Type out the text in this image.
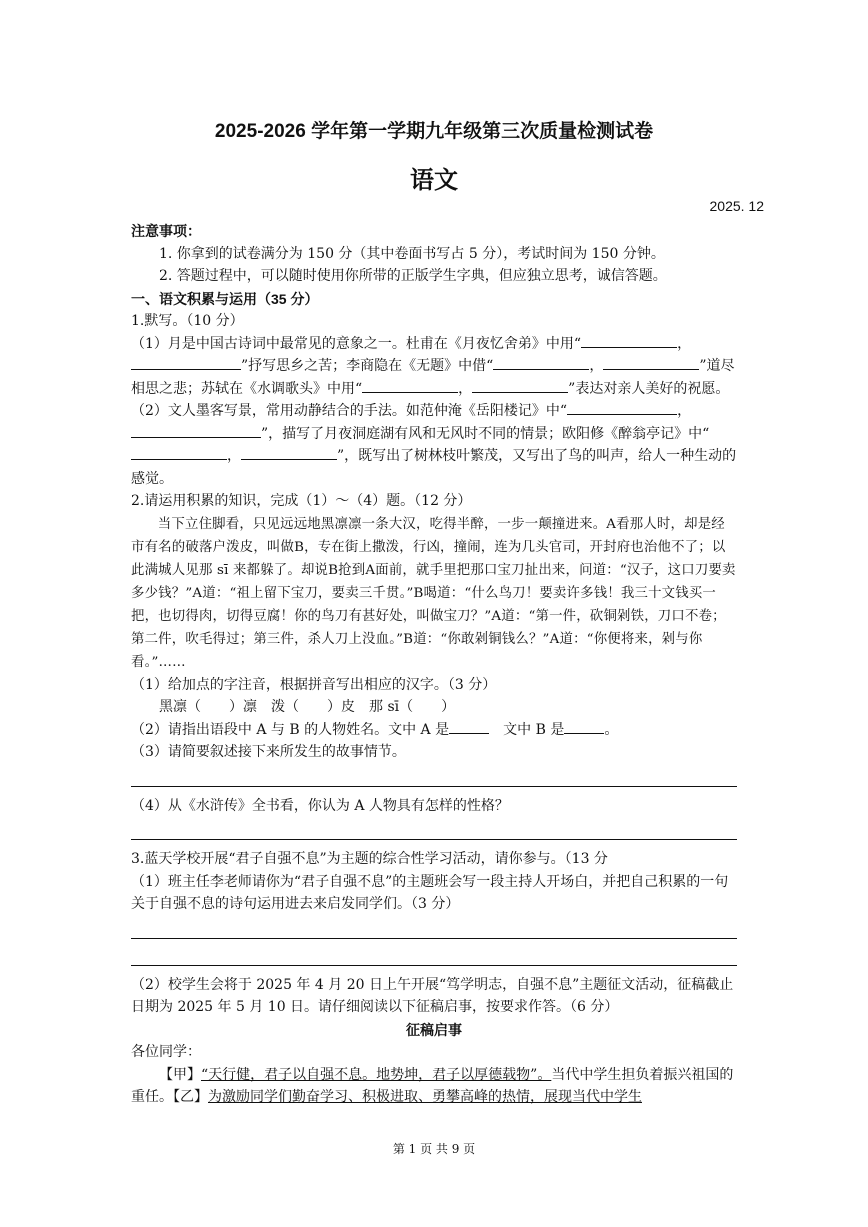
2025-2026 学年第一学期九年级第三次质量检测试卷
语文
2025. 12

注意事项：

1. 你拿到的试卷满分为 150 分（其中卷面书写占 5 分），考试时间为 150 分钟。

2. 答题过程中，可以随时使用你所带的正版学生字典，但应独立思考，诚信答题。

一、语文积累与运用（35 分）

1.默写。（10 分）

（1）月是中国古诗词中最常见的意象之一。杜甫在《月夜忆舍弟》中用“	，”抒写思乡之苦；李商隐在《无题》中借“	，	”道尽相思之悲；苏轼在《水调歌头》中用“	，	”表达对亲人美好的祝愿。

（2）文人墨客写景，常用动静结合的手法。如范仲淹《岳阳楼记》中“	，”，描写了月夜洞庭湖有风和无风时不同的情景；欧阳修《醉翁亭记》中“，	”，既写出了树林枝叶繁茂，又写出了鸟的叫声，给人一种生动的感觉。

2.请运用积累的知识，完成（1）～（4）题。（12 分）

当下立住脚看，只见远远地黑凛凛一条大汉，吃得半醉，一步一颠撞进来。A看那人时，却是经市有名的破落户泼皮，叫做B，专在街上撒泼，行凶，撞闹，连为几头官司，开封府也治他不了；以此满城人见那 sī 来都躲了。却说B抢到A面前，就手里把那口宝刀扯出来，问道：“汉子，这口刀要卖多少钱？”A道：“祖上留下宝刀，要卖三千贯。”B喝道：“什么鸟刀！要卖许多钱！我三十文钱买一把，也切得肉，切得豆腐！你的鸟刀有甚好处，叫做宝刀？”A道：“第一件，砍铜剁铁，刀口不卷；第二件，吹毛得过；第三件，杀人刀上没血。”B道：“你敢剁铜钱么？”A道：“你便将来，剁与你看。”……

（1）给加点的字注音，根据拼音写出相应的汉字。（3 分）

黑凛（　　）凛　泼（　　）皮　那 sī（　　）

（2）请指出语段中 A 与 B 的人物姓名。文中 A 是	　文中 B 是	。

（3）请简要叙述接下来所发生的故事情节。

（4）从《水浒传》全书看，你认为 A 人物具有怎样的性格？

3.蓝天学校开展“君子自强不息”为主题的综合性学习活动，请你参与。（13 分

（1）班主任李老师请你为“君子自强不息”的主题班会写一段主持人开场白，并把自己积累的一句关于自强不息的诗句运用进去来启发同学们。（3 分）

（2）校学生会将于 2025 年 4 月 20 日上午开展“笃学明志，自强不息”主题征文活动，征稿截止日期为 2025 年 5 月 10 日。请仔细阅读以下征稿启事，按要求作答。（6 分）

征稿启事

各位同学：

【甲】“天行健，君子以自强不息。地势坤，君子以厚德载物”。当代中学生担负着振兴祖国的重任。【乙】为激励同学们勤奋学习、积极进取、勇攀高峰的热情，展现当代中学生

第 1 页 共 9 页
